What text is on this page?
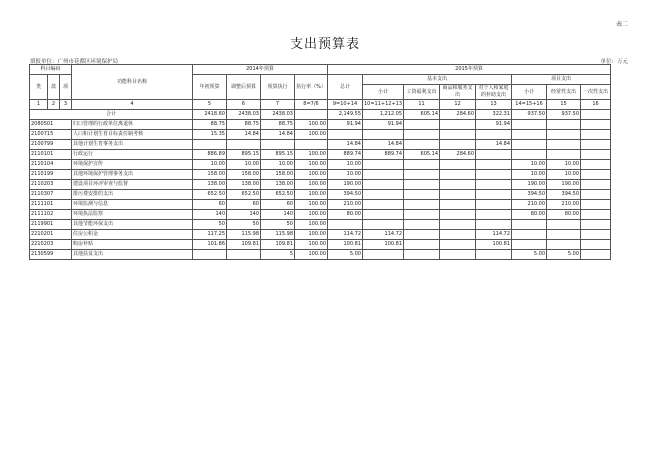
表二
支出预算表
填报单位：广州市花都区环境保护局	单位：万元
科目编码			功能科目名称	2014年预算				2015年预算							
类	款	项		年初预算	调整后预算	预算执行	执行率（%）	总计	基本支出				项目支出		
									小计	工资福利支出	商品和服务支出	对个人和家庭的补助支出	小计	经常性支出	一次性支出

1	2	3	4	5	6	7	8=7/6	9=10+14	10=11+12+13	11	12	13	14=15+16	15	16
合计				2418.60	2438.03	2438.03		2,149.55	1,212.05	605.14	284.60	322.31	937.50	937.50	
2080501			归口管理的行政单位离退休	88.75	88.75	88.75	100.00	91.94	91.94			91.94			
2100715			人口和计划生育目标责任制考核	15.35	14.84	14.84	100.00								
2100799			其他计划生育事务支出					14.84	14.84			14.84			
2110101			行政运行	886.89	895.15	895.15	100.00	889.74	889.74	605.14	284.60				
2110104			环境保护宣传	10.00	10.00	10.00	100.00	10.00					10.00	10.00	
2110199			其他环境保护管理事务支出	158.00	158.00	158.00	100.00	10.00					10.00	10.00	
2110203			建设项目环评审查与监督	138.00	138.00	138.00	100.00	190.00					190.00	190.00	
2110307			排污费安排的支出	652.50	652.50	652.50	100.00	394.50					394.50	394.50	
2111101			环境监测与信息	60	60	60	100.00	210.00					210.00	210.00	
2111102			环境执法监察	140	140	140	100.00	80.00					80.00	80.00	
2119901			其他节能环保支出	50	50	50	100.00								
2210201			住房公积金	117.25	115.98	115.98	100.00	114.72	114.72			114.72			
2210203			购房补贴	101.86	109.81	109.81	100.00	100.81	100.81			100.81			
2130599			其他扶贫支出			5	100.00	5.00					5.00	5.00	
